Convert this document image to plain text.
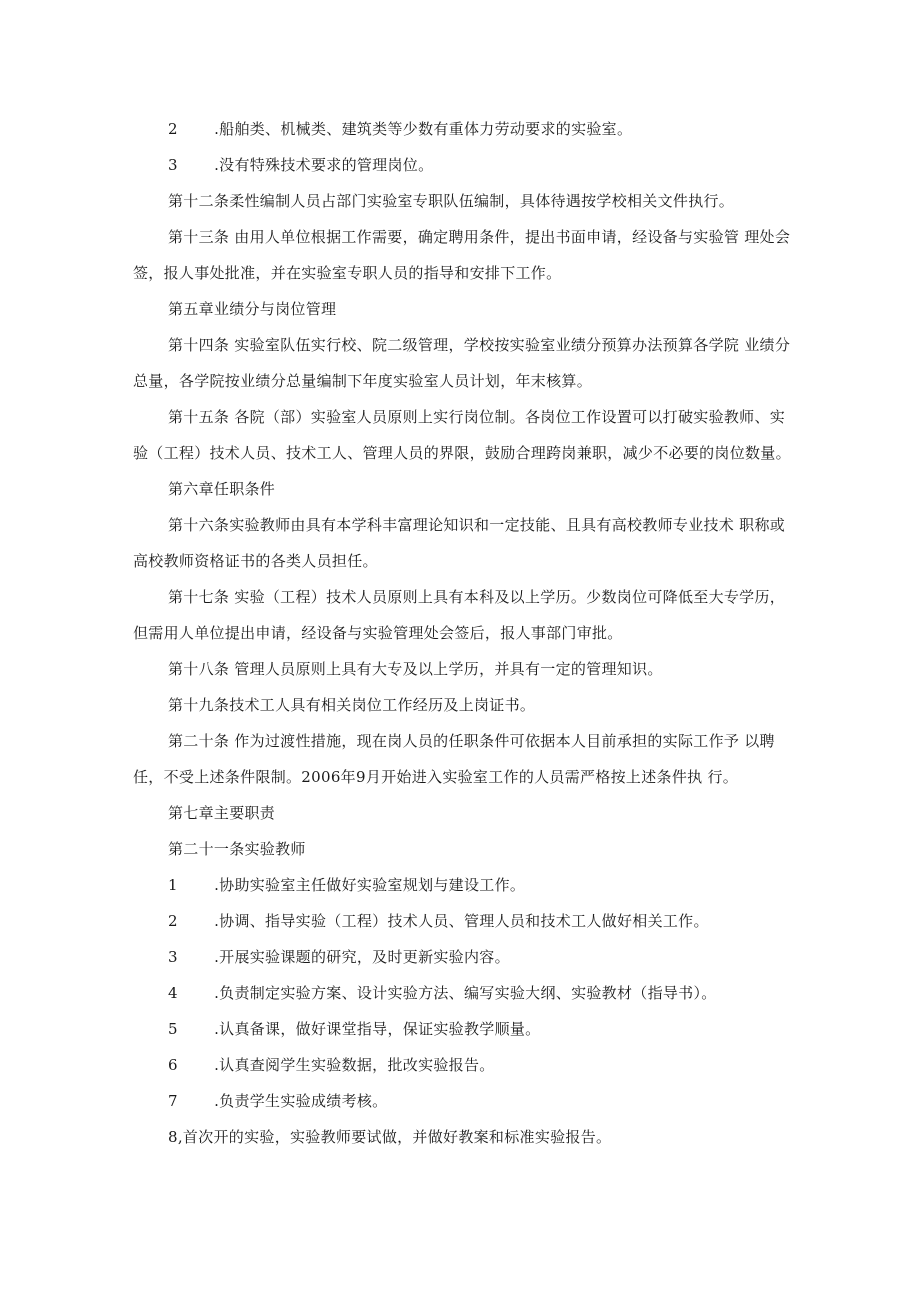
2	.船舶类、机械类、建筑类等少数有重体力劳动要求的实验室。

3	.没有特殊技术要求的管理岗位。

第十二条柔性编制人员占部门实验室专职队伍编制，具体待遇按学校相关文件执行。

第十三条 由用人单位根据工作需要，确定聘用条件，提出书面申请，经设备与实验管 理处会签，报人事处批准，并在实验室专职人员的指导和安排下工作。

第五章业绩分与岗位管理

第十四条 实验室队伍实行校、院二级管理，学校按实验室业绩分预算办法预算各学院 业绩分总量，各学院按业绩分总量编制下年度实验室人员计划，年末核算。

第十五条 各院（部）实验室人员原则上实行岗位制。各岗位工作设置可以打破实验教师、实验（工程）技术人员、技术工人、管理人员的界限，鼓励合理跨岗兼职，减少不必要的岗位数量。

第六章任职条件

第十六条实验教师由具有本学科丰富理论知识和一定技能、且具有高校教师专业技术 职称或高校教师资格证书的各类人员担任。

第十七条 实验（工程）技术人员原则上具有本科及以上学历。少数岗位可降低至大专学历，但需用人单位提出申请，经设备与实验管理处会签后，报人事部门审批。

第十八条 管理人员原则上具有大专及以上学历，并具有一定的管理知识。

第十九条技术工人具有相关岗位工作经历及上岗证书。

第二十条 作为过渡性措施，现在岗人员的任职条件可依据本人目前承担的实际工作予 以聘任，不受上述条件限制。2006年9月开始进入实验室工作的人员需严格按上述条件执 行。

第七章主要职责

第二十一条实验教师

1	.协助实验室主任做好实验室规划与建设工作。

2	.协调、指导实验（工程）技术人员、管理人员和技术工人做好相关工作。

3	.开展实验课题的研究，及时更新实验内容。

4	.负责制定实验方案、设计实验方法、编写实验大纲、实验教材（指导书）。

5	.认真备课，做好课堂指导，保证实验教学顺量。

6	.认真查阅学生实验数据，批改实验报告。

7	.负责学生实验成绩考核。

8,首次开的实验，实验教师要试做，并做好教案和标准实验报告。
